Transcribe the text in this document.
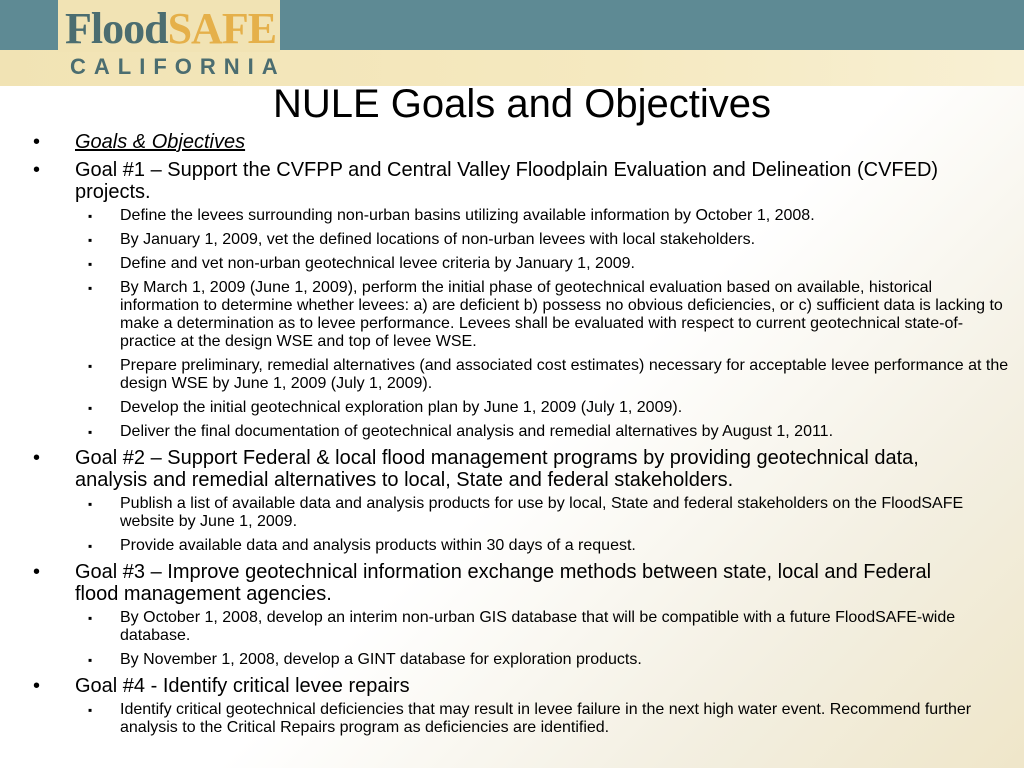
FloodSAFE
CALIFORNIA
NULE Goals and Objectives
• Goals & Objectives
• Goal #1 – Support the CVFPP and Central Valley Floodplain Evaluation and Delineation (CVFED) projects.
▪ Define the levees surrounding non-urban basins utilizing available information by October 1, 2008.
▪ By January 1, 2009, vet the defined locations of non-urban levees with local stakeholders.
▪ Define and vet non-urban geotechnical levee criteria by January 1, 2009.
▪ By March 1, 2009 (June 1, 2009), perform the initial phase of geotechnical evaluation based on available, historical information to determine whether levees: a) are deficient b) possess no obvious deficiencies, or c) sufficient data is lacking to make a determination as to levee performance. Levees shall be evaluated with respect to current geotechnical state-of-practice at the design WSE and top of levee WSE.
▪ Prepare preliminary, remedial alternatives (and associated cost estimates) necessary for acceptable levee performance at the design WSE by June 1, 2009 (July 1, 2009).
▪ Develop the initial geotechnical exploration plan by June 1, 2009 (July 1, 2009).
▪ Deliver the final documentation of geotechnical analysis and remedial alternatives by August 1, 2011.
• Goal #2 – Support Federal & local flood management programs by providing geotechnical data, analysis and remedial alternatives to local, State and federal stakeholders.
▪ Publish a list of available data and analysis products for use by local, State and federal stakeholders on the FloodSAFE website by June 1, 2009.
▪ Provide available data and analysis products within 30 days of a request.
• Goal #3 – Improve geotechnical information exchange methods between state, local and Federal flood management agencies.
▪ By October 1, 2008, develop an interim non-urban GIS database that will be compatible with a future FloodSAFE-wide database.
▪ By November 1, 2008, develop a GINT database for exploration products.
• Goal #4 - Identify critical levee repairs
▪ Identify critical geotechnical deficiencies that may result in levee failure in the next high water event. Recommend further analysis to the Critical Repairs program as deficiencies are identified.
